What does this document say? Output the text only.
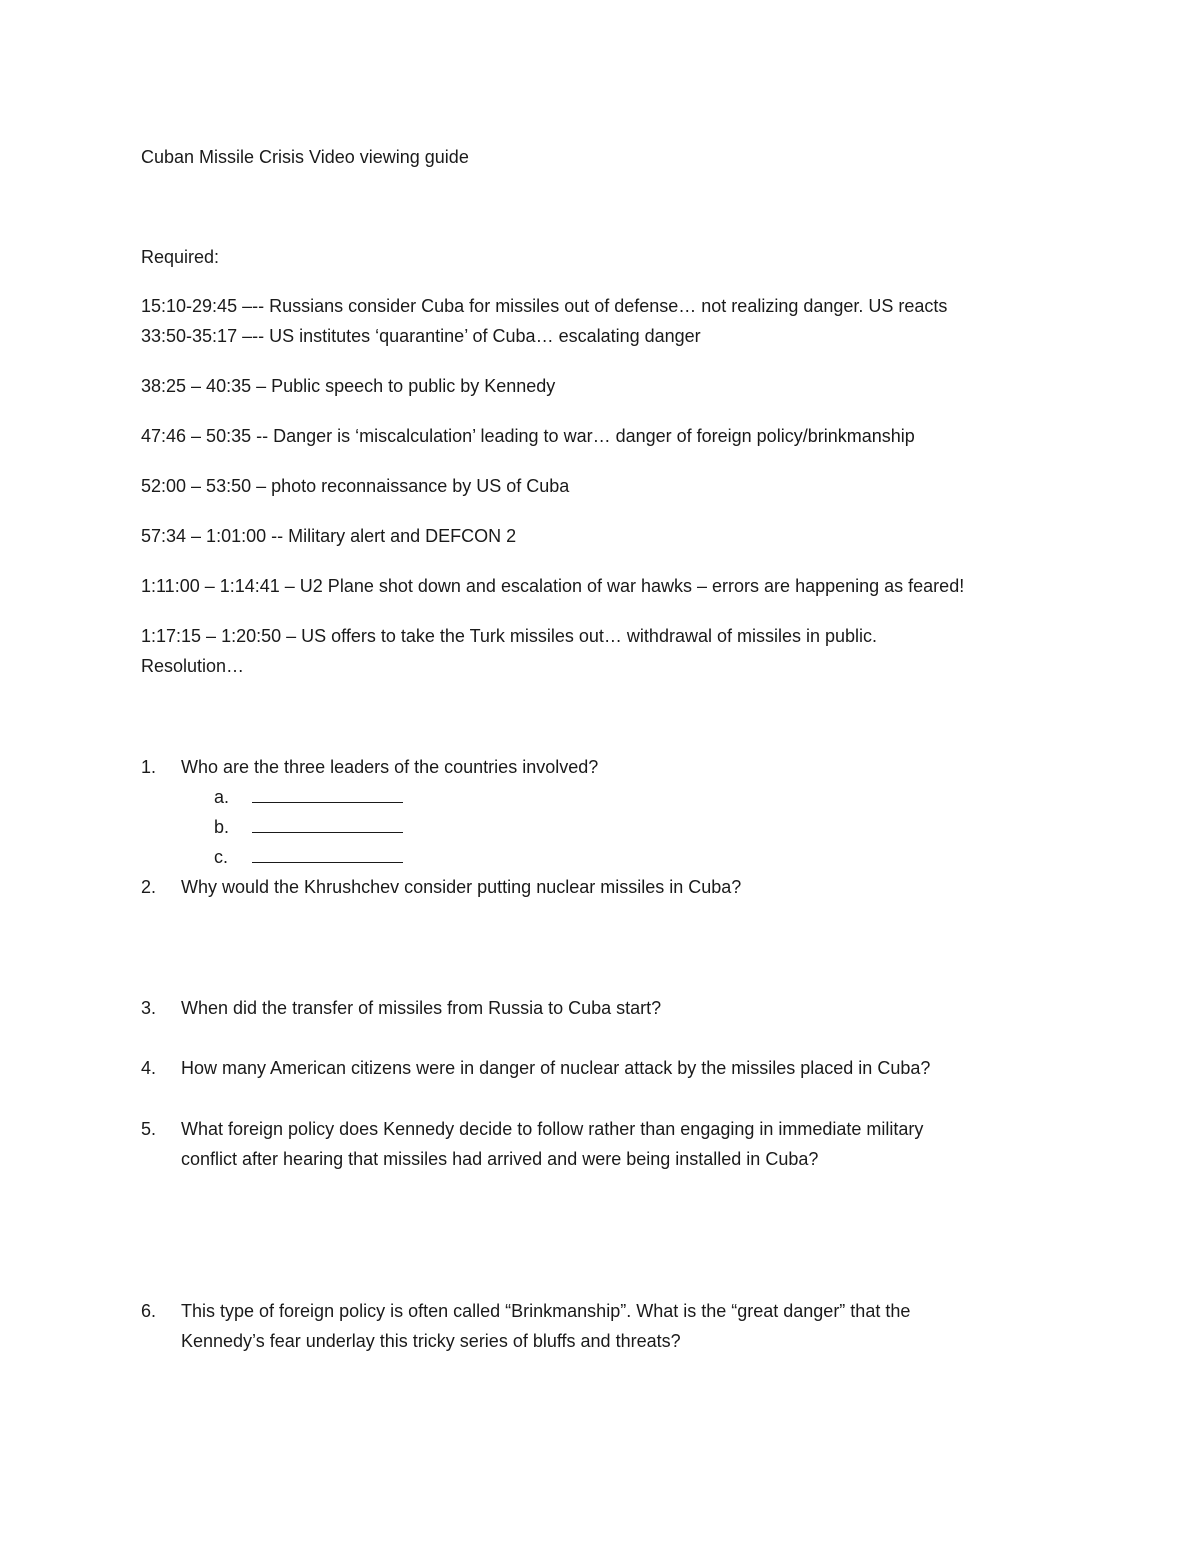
Cuban Missile Crisis Video viewing guide
Required:
15:10-29:45 –-- Russians consider Cuba for missiles out of defense… not realizing danger. US reacts
33:50-35:17 –-- US institutes ‘quarantine’ of Cuba… escalating danger
38:25 – 40:35 – Public speech to public by Kennedy
47:46 – 50:35 -- Danger is ‘miscalculation’ leading to war… danger of foreign policy/brinkmanship
52:00 – 53:50 – photo reconnaissance by US of Cuba
57:34 – 1:01:00 -- Military alert and DEFCON 2
1:11:00 – 1:14:41 – U2 Plane shot down and escalation of war hawks – errors are happening as feared!
1:17:15 – 1:20:50 – US offers to take the Turk missiles out… withdrawal of missiles in public.
Resolution…
1. Who are the three leaders of the countries involved?
a.
b.
c.
2. Why would the Khrushchev consider putting nuclear missiles in Cuba?
3. When did the transfer of missiles from Russia to Cuba start?
4. How many American citizens were in danger of nuclear attack by the missiles placed in Cuba?
5. What foreign policy does Kennedy decide to follow rather than engaging in immediate military
conflict after hearing that missiles had arrived and were being installed in Cuba?
6. This type of foreign policy is often called “Brinkmanship”. What is the “great danger” that the
Kennedy’s fear underlay this tricky series of bluffs and threats?
